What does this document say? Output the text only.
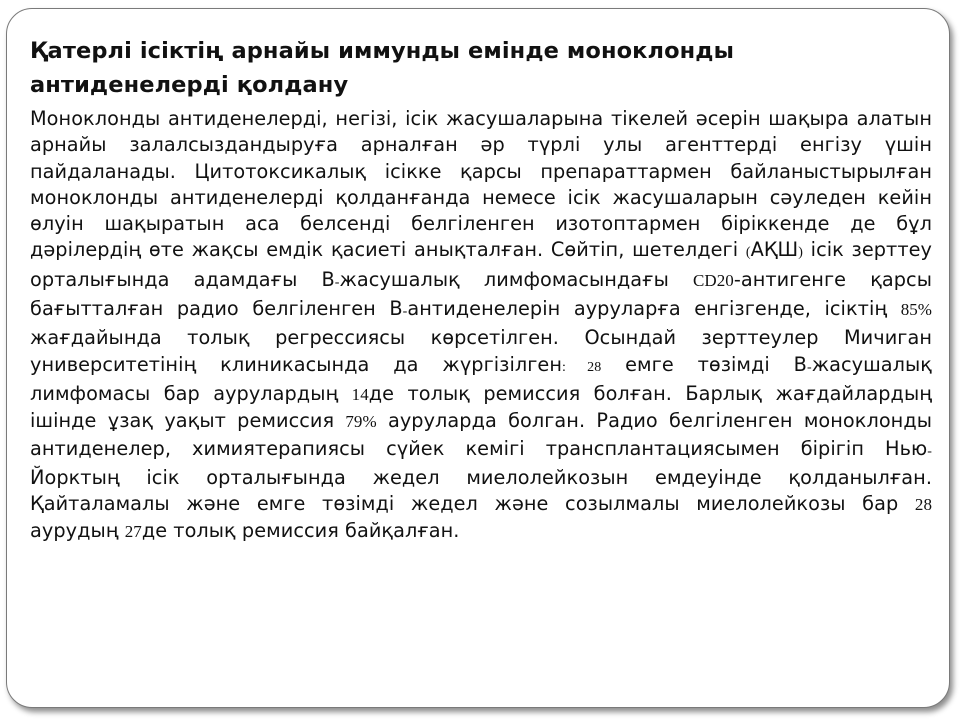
Қатерлі ісіктің арнайы иммунды емінде моноклонды антиденелерді қолдану

Моноклонды антиденелерді, негізі, ісік жасушаларына тікелей әсерін шақыра алатын арнайы залалсыздандыруға арналған әр түрлі улы агенттерді енгізу үшін пайдаланады. Цитотоксикалық ісікке қарсы препараттармен байланыстырылған моноклонды антиденелерді қолданғанда немесе ісік жасушаларын сәуледен кейін өлуін шақыратын аса белсенді белгіленген изотоптармен біріккенде де бұл дәрілердің өте жақсы емдік қасиеті анықталған. Сөйтіп, шетелдегі (АҚШ) ісік зерттеу орталығында адамдағы В-жасушалық лимфомасындағы CD20-антигенге қарсы бағытталған радио белгіленген В-антиденелерін ауруларға енгізгенде, ісіктің 85% жағдайында толық регрессиясы көрсетілген. Осындай зерттеулер Мичиган университетінің клиникасында да жүргізілген: 28 емге төзімді В-жасушалық лимфомасы бар аурулардың 14де толық ремиссия болған. Барлық жағдайлардың ішінде ұзақ уақыт ремиссия 79% ауруларда болган. Радио белгіленген моноклонды антиденелер, химиятерапиясы сүйек кемігі трансплантациясымен бірігіп Нью-Йорктың ісік орталығында жедел миелолейкозын емдеуінде қолданылған. Қайталамалы және емге төзімді жедел және созылмалы миелолейкозы бар 28 аурудың 27де толық ремиссия байқалған.
